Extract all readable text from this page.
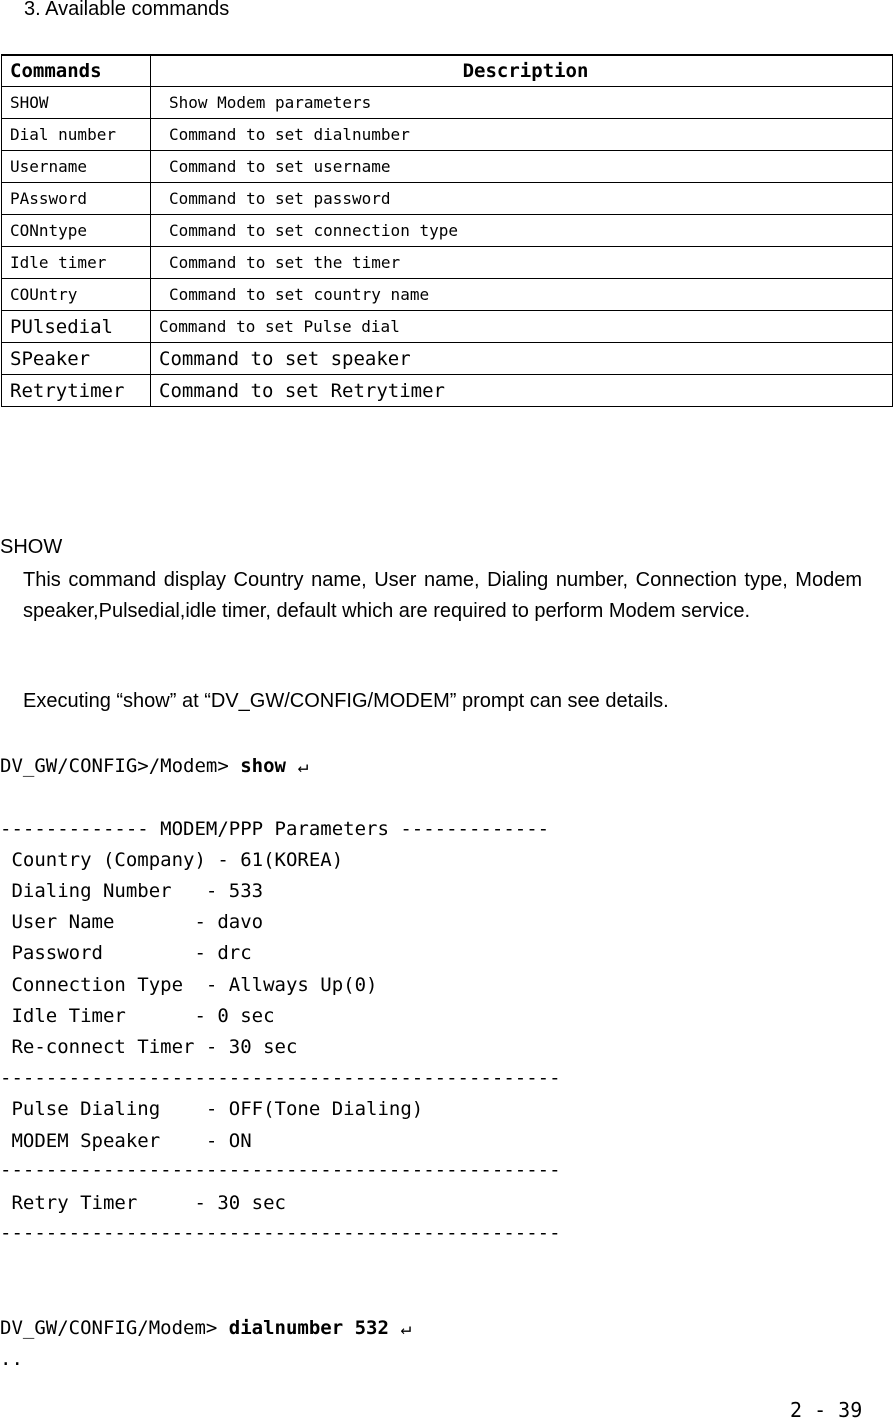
3. Available commands
Commands	Description
SHOW	Show Modem parameters
Dial number	Command to set dialnumber
Username	Command to set username
PAssword	Command to set password
CONntype	Command to set connection type
Idle timer	Command to set the timer
COUntry	Command to set country name
PUlsedial	Command to set Pulse dial
SPeaker	Command to set speaker
Retrytimer	Command to set Retrytimer
SHOW

This command display Country name, User name, Dialing number, Connection type, Modem speaker,Pulsedial,idle timer, default which are required to perform Modem service.

Executing “show” at “DV_GW/CONFIG/MODEM” prompt can see details.

DV_GW/CONFIG>/Modem> show ↵
------------- MODEM/PPP Parameters -------------
Country (Company) - 61(KOREA)
Dialing Number   - 533
User Name       - davo
Password        - drc
Connection Type  - Allways Up(0)
Idle Timer      - 0 sec
Re-connect Timer - 30 sec
-------------------------------------------------
Pulse Dialing    - OFF(Tone Dialing)
MODEM Speaker    - ON
-------------------------------------------------
Retry Timer     - 30 sec
-------------------------------------------------
DV_GW/CONFIG/Modem> dialnumber 532 ↵
..
2 - 39
